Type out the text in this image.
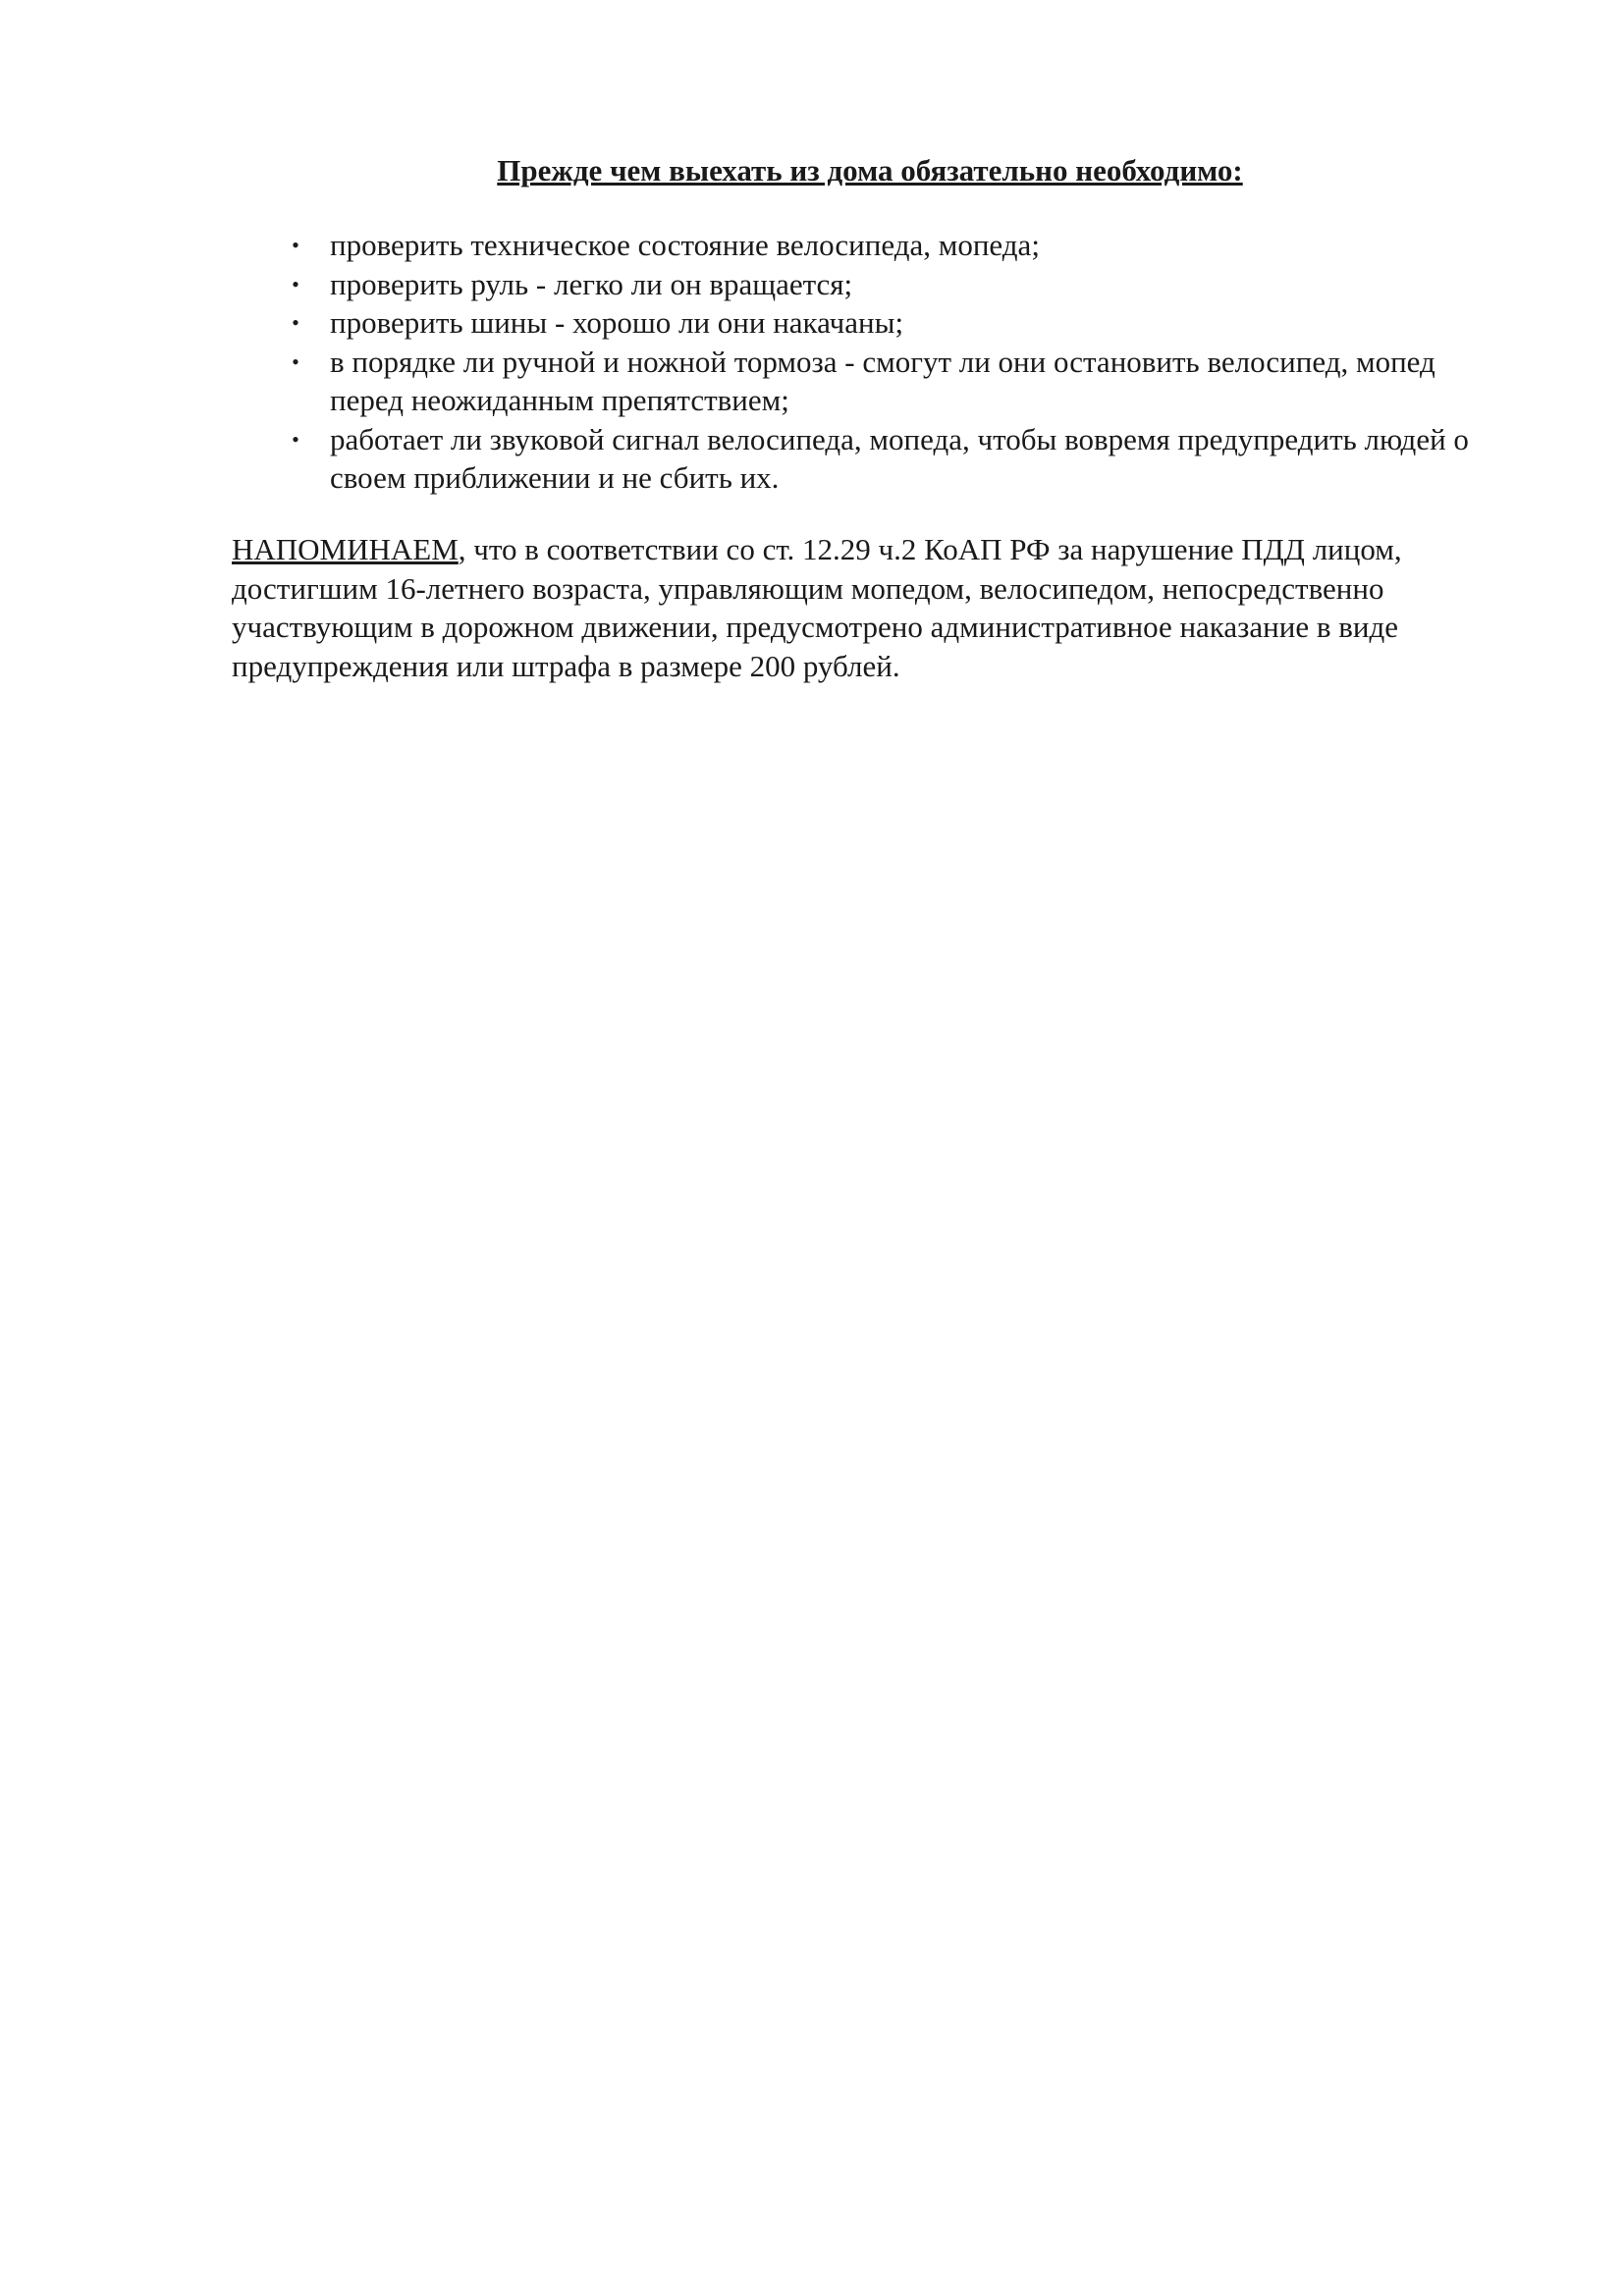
Прежде чем выехать из дома обязательно необходимо:
• проверить техническое состояние велосипеда, мопеда;
• проверить руль - легко ли он вращается;
• проверить шины - хорошо ли они накачаны;
• в порядке ли ручной и ножной тормоза - смогут ли они остановить велосипед, мопед перед неожиданным препятствием;
• работает ли звуковой сигнал велосипеда, мопеда, чтобы вовремя предупредить людей о своем приближении и не сбить их.

НАПОМИНАЕМ, что в соответствии со ст. 12.29 ч.2 КоАП РФ за нарушение ПДД лицом, достигшим 16-летнего возраста, управляющим мопедом, велосипедом, непосредственно участвующим в дорожном движении, предусмотрено административное наказание в виде предупреждения или штрафа в размере 200 рублей.
